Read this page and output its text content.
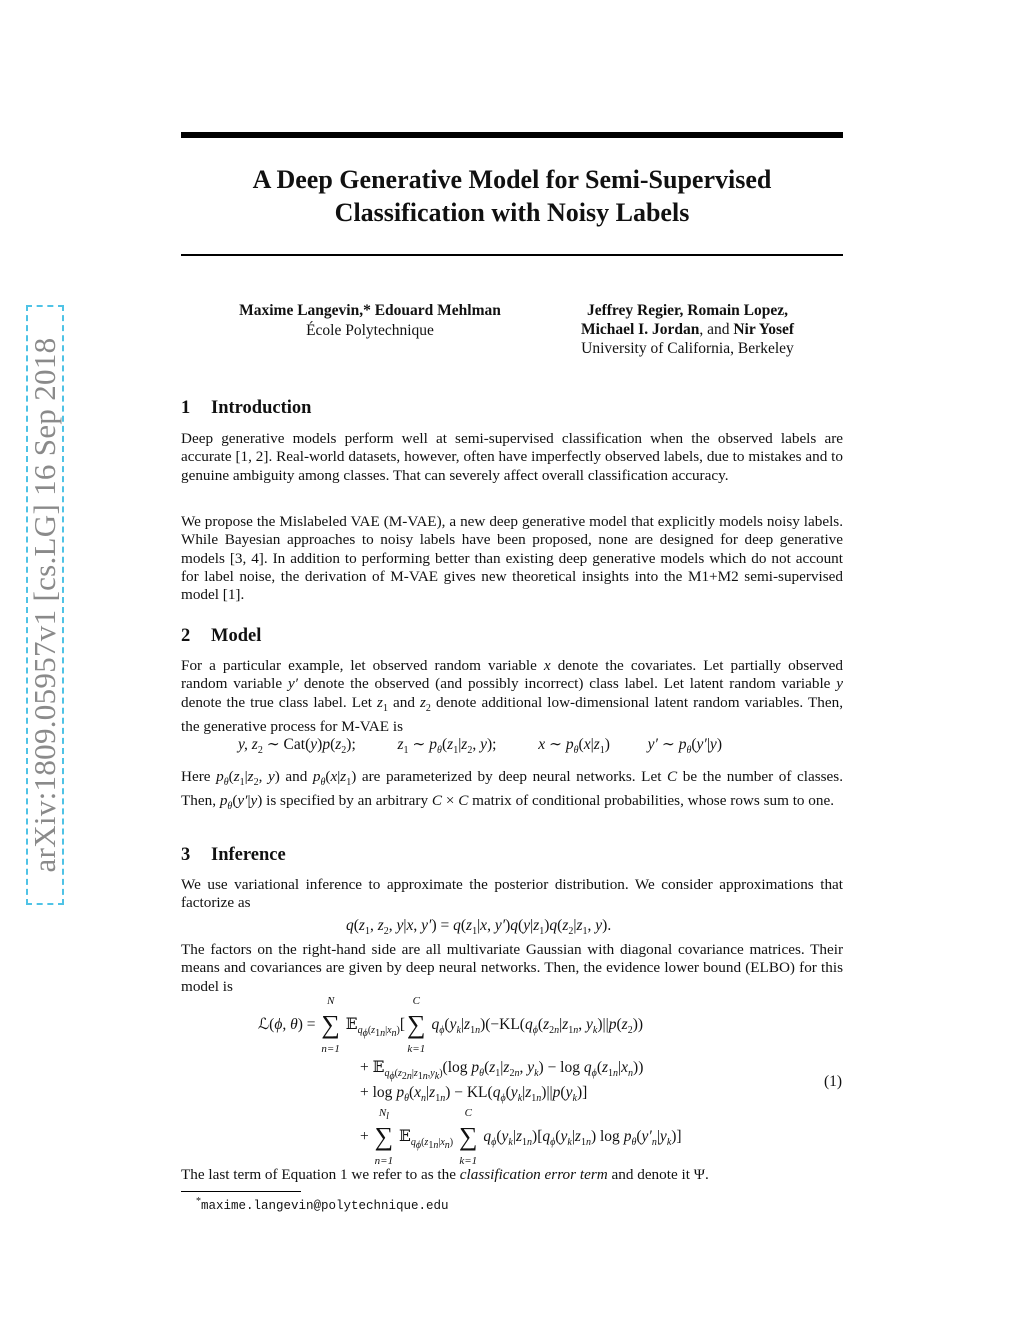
arXiv:1809.05957v1 [cs.LG] 16 Sep 2018
A Deep Generative Model for Semi-Supervised
Classification with Noisy Labels
Maxime Langevin,* Edouard Mehlman
École Polytechnique
Jeffrey Regier, Romain Lopez,
Michael I. Jordan, and Nir Yosef
University of California, Berkeley
1 Introduction

Deep generative models perform well at semi-supervised classification when the observed labels are accurate [1, 2]. Real-world datasets, however, often have imperfectly observed labels, due to mistakes and to genuine ambiguity among classes. That can severely affect overall classification accuracy.

We propose the Mislabeled VAE (M-VAE), a new deep generative model that explicitly models noisy labels. While Bayesian approaches to noisy labels have been proposed, none are designed for deep generative models [3, 4]. In addition to performing better than existing deep generative models which do not account for label noise, the derivation of M-VAE gives new theoretical insights into the M1+M2 semi-supervised model [1].

2 Model

For a particular example, let observed random variable x denote the covariates. Let partially observed random variable y′ denote the observed (and possibly incorrect) class label. Let latent random variable y denote the true class label. Let $z_1$ and $z_2$ denote additional low-dimensional latent random variables. Then, the generative process for M-VAE is

y, $z_2$ ∼ $Cat(y)p(z_2)$;  $z_1$ ∼ $p_\theta(z_1|z_2$, y);  x ∼ $p_\theta(x|z_1)$  y′ ∼ $p_\theta(y'|y)$

Here $p_\theta(z_1|z_2$, y) and $p_\theta(x|z_1)$ are parameterized by deep neural networks. Let C be the number of classes. Then, $p_\theta(y'|y)$ is specified by an arbitrary C × C matrix of conditional probabilities, whose rows sum to one.

3 Inference

We use variational inference to approximate the posterior distribution. We consider approximations that factorize as

$q(z_1$, $z_2$, y|x, $y') = q(z_1|x$, $y')q(y|z_1)q(z_2|z_1$, y).

The factors on the right-hand side are all multivariate Gaussian with diagonal covariance matrices. Their means and covariances are given by deep neural networks. Then, the evidence lower bound (ELBO) for this model is

ℒ(ϕ, θ) = ∑
N
n=1
𝔼$_{q_\phi(z_{1n}|x_n)}$[∑
C
k=1
$q_\phi(y_k|z_{1n})(-KL(q_\phi(z_{2n}|z_{1n}$, $y_k)||p(z_2)$)
+ 𝔼$_{q_\phi(z_{2n}|z_{1n},y_k)}$(log $p_\theta(z_1|z_{2n}$, $y_k) - \log q_\phi(z_{1n}|x_n)$)
+ $\log p_\theta(x_n|z_{1n}) - KL(q_\phi(y_k|z_{1n})||p(y_k)]$
+ ∑
$N_l$
n=1
𝔼$_{q_\phi(z_{1n}|x_n)}$ ∑
C
k=1
$q_\phi(y_k|z_{1n})[q_\phi(y_k|z_{1n})$ $\log p_\theta(y'_n|y_k)$]
(1)

The last term of Equation 1 we refer to as the classification error term and denote it Ψ.

*maxime.langevin@polytechnique.edu
